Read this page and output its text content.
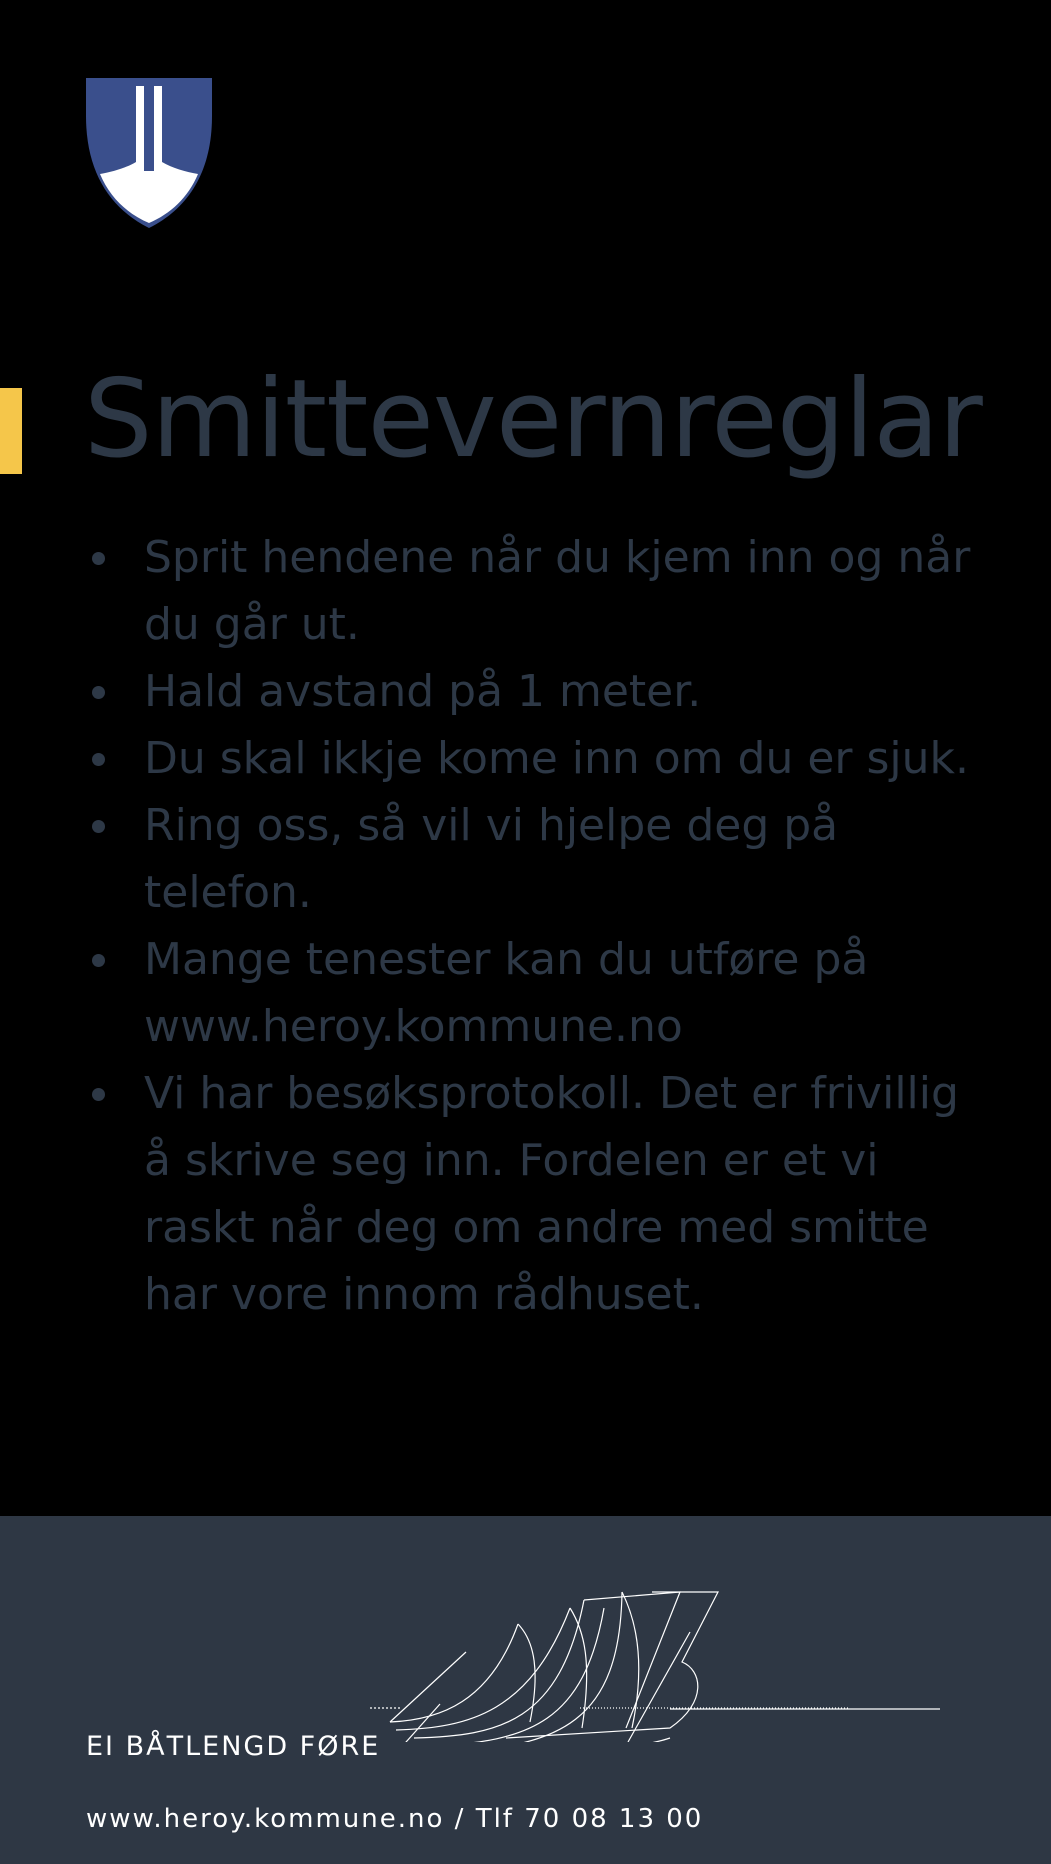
Smittevernreglar
Sprit hendene når du kjem inn og når du går ut.
Hald avstand på 1 meter.
Du skal ikkje kome inn om du er sjuk.
Ring oss, så vil vi hjelpe deg på telefon.
Mange tenester kan du utføre på www.heroy.kommune.no
Vi har besøksprotokoll. Det er frivillig å skrive seg inn. Fordelen er et vi raskt når deg om andre med smitte har vore innom rådhuset.

EI BÅTLENGD FØRE

www.heroy.kommune.no / Tlf 70 08 13 00
